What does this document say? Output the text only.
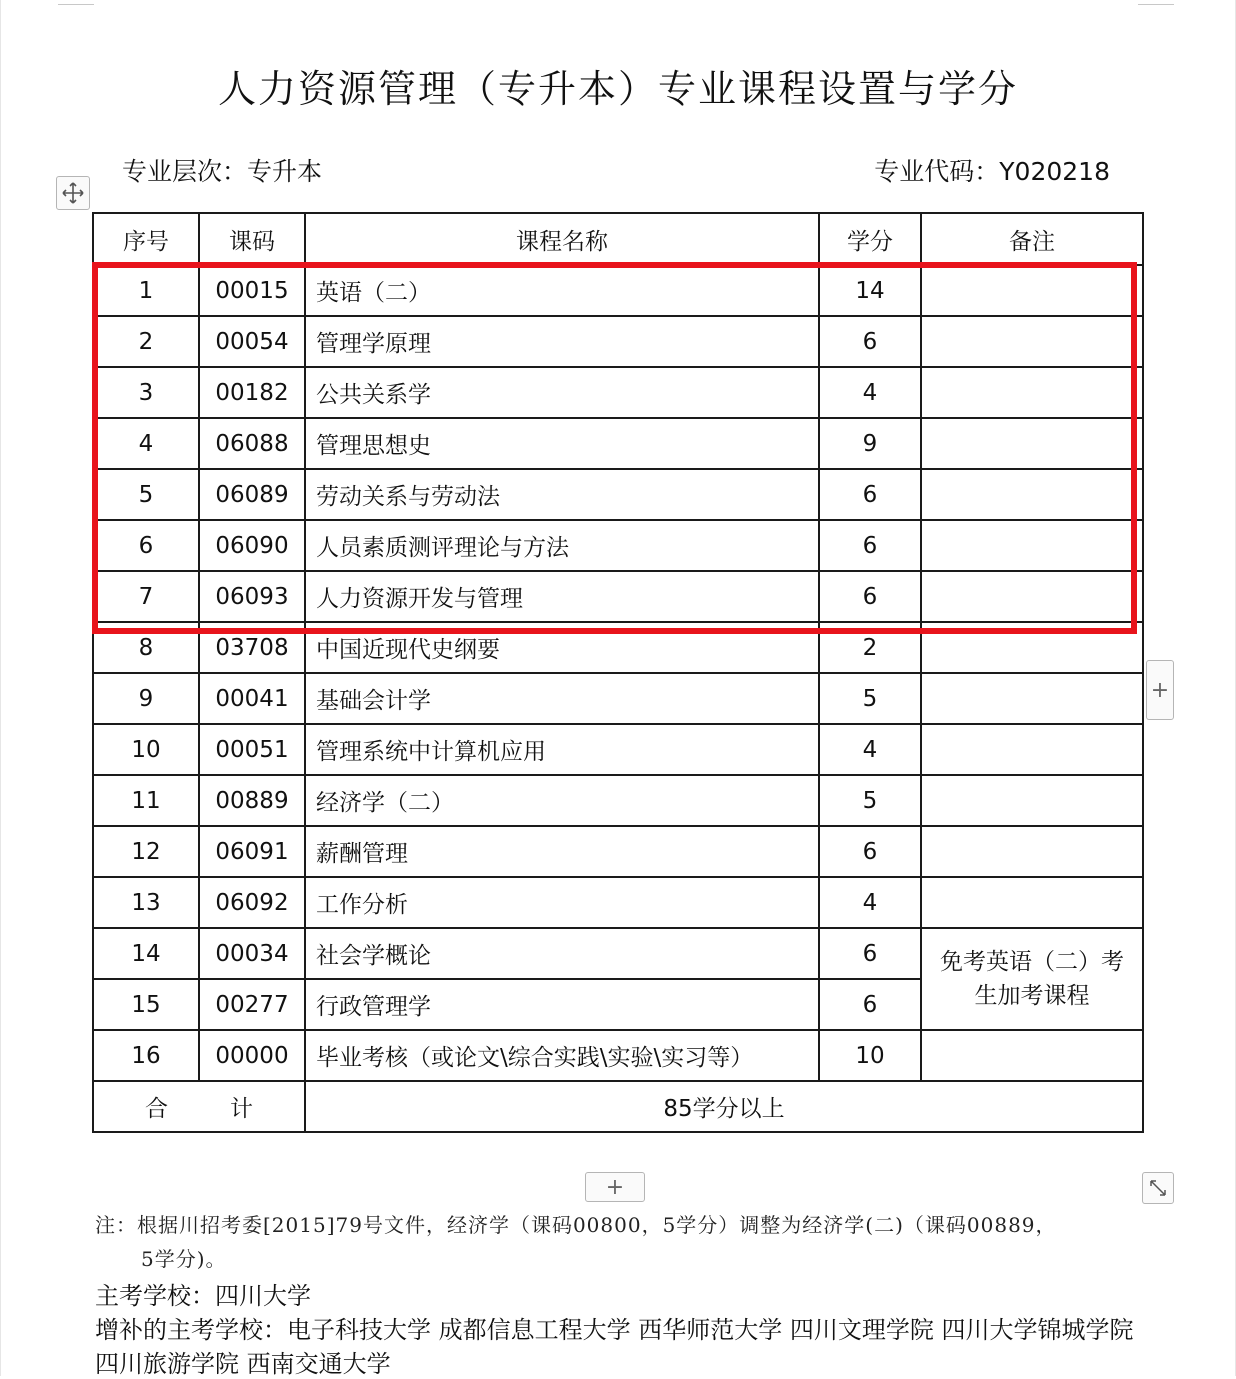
人力资源管理（专升本）专业课程设置与学分
专业层次：专升本	专业代码：Y020218
序号	课码	课程名称	学分	备注
1	00015	英语（二）	14	
2	00054	管理学原理	6	
3	00182	公共关系学	4	
4	06088	管理思想史	9	
5	06089	劳动关系与劳动法	6	
6	06090	人员素质测评理论与方法	6	
7	06093	人力资源开发与管理	6	
8	03708	中国近现代史纲要	2	
9	00041	基础会计学	5	
10	00051	管理系统中计算机应用	4	
11	00889	经济学（二）	5	
12	06091	薪酬管理	6	
13	06092	工作分析	4	
14	00034	社会学概论	6	免考英语（二）考
生加考课程
15	00277	行政管理学	6	
16	00000	毕业考核（或论文\综合实践\实验\实习等）	10	
合 计		85学分以上		
+
+
注：根据川招考委[2015]79号文件，经济学（课码00800，5学分）调整为经济学(二)（课码00889，
5学分)。
主考学校：四川大学
增补的主考学校：电子科技大学 成都信息工程大学 西华师范大学 四川文理学院 四川大学锦城学院
四川旅游学院 西南交通大学
